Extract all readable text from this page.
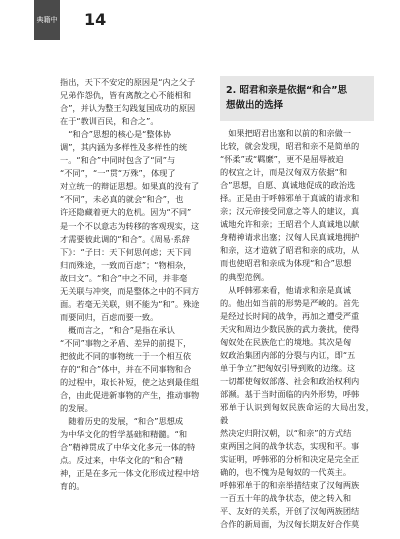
典籍中的…
14

指出，天下不安定的原因是“内之父子
兄弟作怨仇，皆有离散之心不能相和
合”，并认为整王勾践复国成功的原因
在于“教训百民，和合之”。

　“和合”思想的核心是“整体协
调”，其内涵为多样性及多样性的统
一。“和合”中同时包含了“同”与
“不同”，“一”贯“万殊”，体现了
对立统一的辩证思想。如果真的没有了
“不同”，未必真的就会“和合”，也
许还隐藏着更大的危机。因为“不同”
是一个不以意志为转移的客观现实，这
才需要彼此调的“和合”。《周易·系辞
下》：“子曰：天下何思何虑；天下同
归而殊途，一致而百虑”；“物相杂，
故曰文”。“和合”中之不同，并非毫
无关联与冲突，而是整体之中的不同方
面。若毫无关联，则不能为“和”。殊途
而要同归，百虑而要一致。

　概而言之，“和合”是指在承认
“不同”事物之矛盾、差异的前提下，
把彼此不同的事物统一于一个相互依
存的“和合”体中，并在不同事物和合
的过程中，取长补短，使之达到最佳组
合，由此促进新事物的产生，推动事物
的发展。

　随着历史的发展，“和合”思想成
为中华文化的哲学基础和精髓。“和
合”精神贯成了中华文化多元一体的特
点。反过来，中华文化的“和合”精
神，正是在多元一体文化形成过程中培
育的。

2. 昭君和亲是依据“和合”思
想做出的选择

　如果把昭君出塞和以前的和亲做一
比较，就会发现，昭君和亲不是简单的
“怀柔”或“羁縻”，更不是屈辱被迫
的权宜之计，而是汉匈双方依据“和
合”思想，自愿、真诚地促成的政治选
择。正是由于呼韩邪单于真诚的请求和
亲；汉元帝接受同意之等人的建议，真
诚地允许和亲；王昭君个人真诚地以献
身精神请求出塞；汉匈人民真诚地拥护
和亲，这才造就了昭君和亲的成功，从
而也使昭君和亲成为体现“和合”思想
的典型范例。

　从呼韩邪来看，他请求和亲是真诚
的。他出如当前的形势是严峻的。首先
是经过长时间的战争，再加之遭受严重
天灾和周边少数民族的武力袭扰，使得
匈奴处在民族危亡的境地。其次是匈
奴政治集团内部的分裂与内讧，即“五
单于争立”把匈奴引导到败的边缘。这
一切都使匈奴部落、社会和政治权利内
部濒。基于当时面临的内外形势，呼韩
邪单于认识到匈奴民族命运的大局出发，毅
然决定归附汉朝，以“和亲”的方式结
束两国之间的战争状态，实现和平。事
实证明，呼韩邪的分析和决定是完全正
确的，也不愧为是匈奴的一代英主。
呼韩邪单于的和亲举措结束了汉匈两族
一百五十年的战争状态，使之转入和
平、友好的关系，开创了汉匈两族团结
合作的新局面，为汉匈长期友好合作莫
